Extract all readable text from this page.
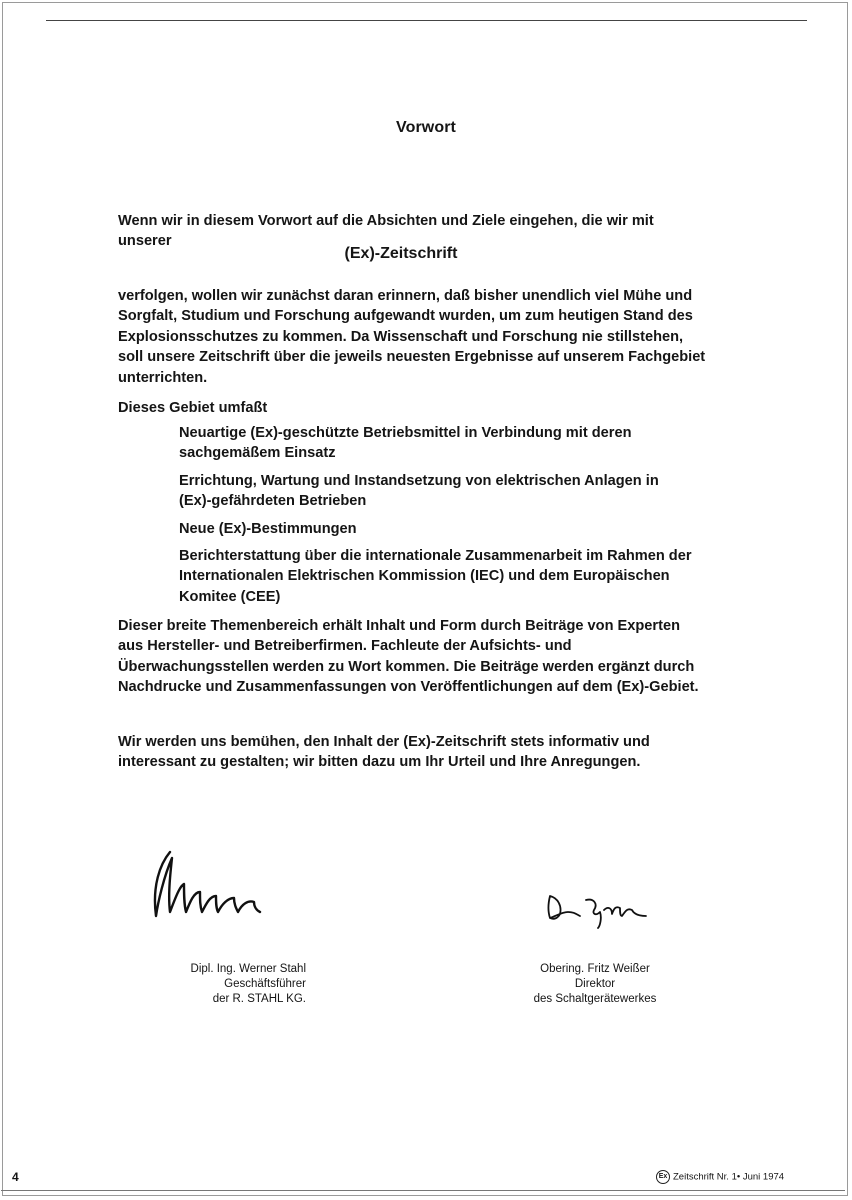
Vorwort

Wenn wir in diesem Vorwort auf die Absichten und Ziele eingehen, die wir mit unserer

(Ex)-Zeitschrift

verfolgen, wollen wir zunächst daran erinnern, daß bisher unendlich viel Mühe und Sorgfalt, Studium und Forschung aufgewandt wurden, um zum heutigen Stand des Explosionsschutzes zu kommen. Da Wissenschaft und Forschung nie stillstehen, soll unsere Zeitschrift über die jeweils neuesten Ergebnisse auf unserem Fachgebiet unterrichten.

Dieses Gebiet umfaßt

Neuartige (Ex)-geschützte Betriebsmittel in Verbindung mit deren sachgemäßem Einsatz
Errichtung, Wartung und Instandsetzung von elektrischen Anlagen in (Ex)-gefährdeten Betrieben
Neue (Ex)-Bestimmungen
Berichterstattung über die internationale Zusammenarbeit im Rahmen der Internationalen Elektrischen Kommission (IEC) und dem Europäischen Komitee (CEE)

Dieser breite Themenbereich erhält Inhalt und Form durch Beiträge von Experten aus Hersteller- und Betreiberfirmen. Fachleute der Aufsichts- und Überwachungsstellen werden zu Wort kommen. Die Beiträge werden ergänzt durch Nachdrucke und Zusammenfassungen von Veröffentlichungen auf dem (Ex)-Gebiet.

Wir werden uns bemühen, den Inhalt der (Ex)-Zeitschrift stets informativ und interessant zu gestalten; wir bitten dazu um Ihr Urteil und Ihre Anregungen.

Dipl. Ing. Werner Stahl
Geschäftsführer
der R. STAHL KG.
Obering. Fritz Weißer
Direktor
des Schaltgerätewerkes
4	Ex Zeitschrift Nr. 1• Juni 1974
